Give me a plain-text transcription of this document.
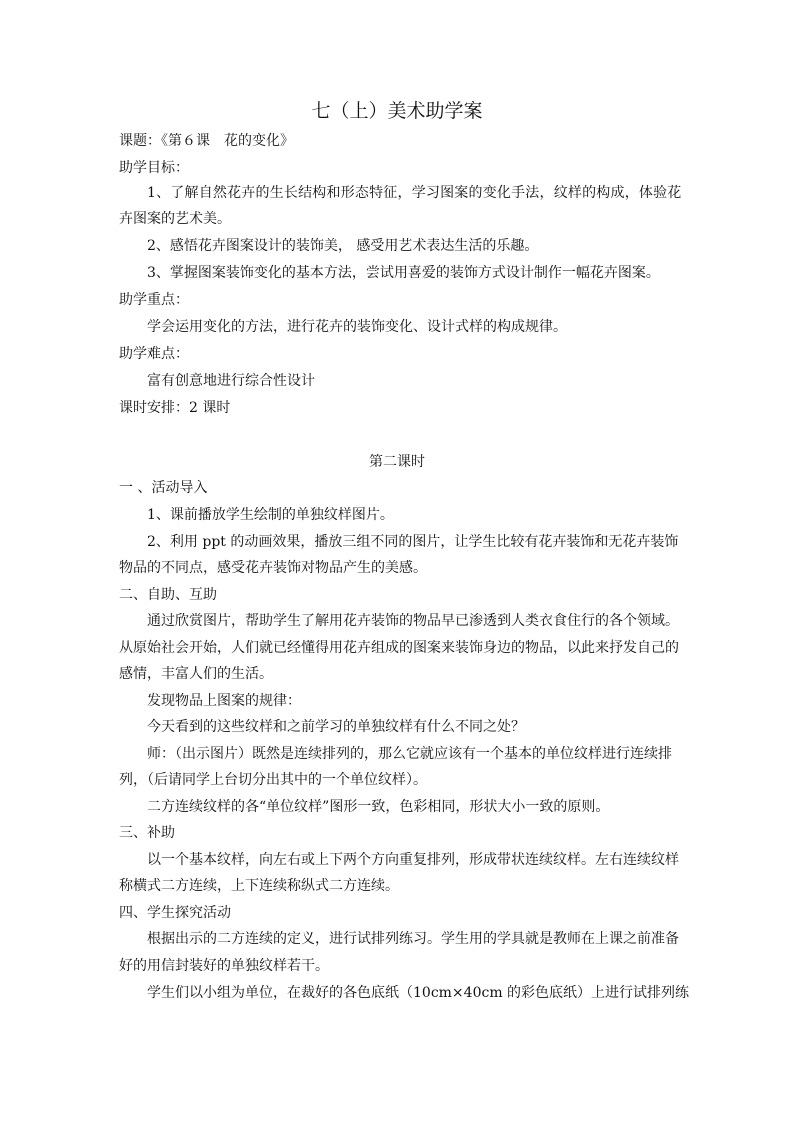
七（上）美术助学案
课题：《第６课　花的变化》
助学目标：
1、了解自然花卉的生长结构和形态特征，学习图案的变化手法，纹样的构成，体验花
卉图案的艺术美。
2、感悟花卉图案设计的装饰美， 感受用艺术表达生活的乐趣。
3、掌握图案装饰变化的基本方法，尝试用喜爱的装饰方式设计制作一幅花卉图案。
助学重点：
学会运用变化的方法，进行花卉的装饰变化、设计式样的构成规律。
助学难点：
富有创意地进行综合性设计
课时安排：2 课时
第二课时
一 、活动导入
1、课前播放学生绘制的单独纹样图片。
2、利用 ppt 的动画效果，播放三组不同的图片，让学生比较有花卉装饰和无花卉装饰
物品的不同点，感受花卉装饰对物品产生的美感。
二、自助、互助
通过欣赏图片，帮助学生了解用花卉装饰的物品早已渗透到人类衣食住行的各个领域。
从原始社会开始，人们就已经懂得用花卉组成的图案来装饰身边的物品，以此来抒发自己的
感情，丰富人们的生活。
发现物品上图案的规律：
今天看到的这些纹样和之前学习的单独纹样有什么不同之处？
师：（出示图片）既然是连续排列的，那么它就应该有一个基本的单位纹样进行连续排
列，（后请同学上台切分出其中的一个单位纹样）。
二方连续纹样的各“单位纹样”图形一致，色彩相同，形状大小一致的原则。
三、补助
以一个基本纹样，向左右或上下两个方向重复排列，形成带状连续纹样。左右连续纹样
称横式二方连续，上下连续称纵式二方连续。
四、学生探究活动
根据出示的二方连续的定义，进行试排列练习。学生用的学具就是教师在上课之前准备
好的用信封装好的单独纹样若干。
学生们以小组为单位，在裁好的各色底纸（10cm×40cm 的彩色底纸）上进行试排列练
